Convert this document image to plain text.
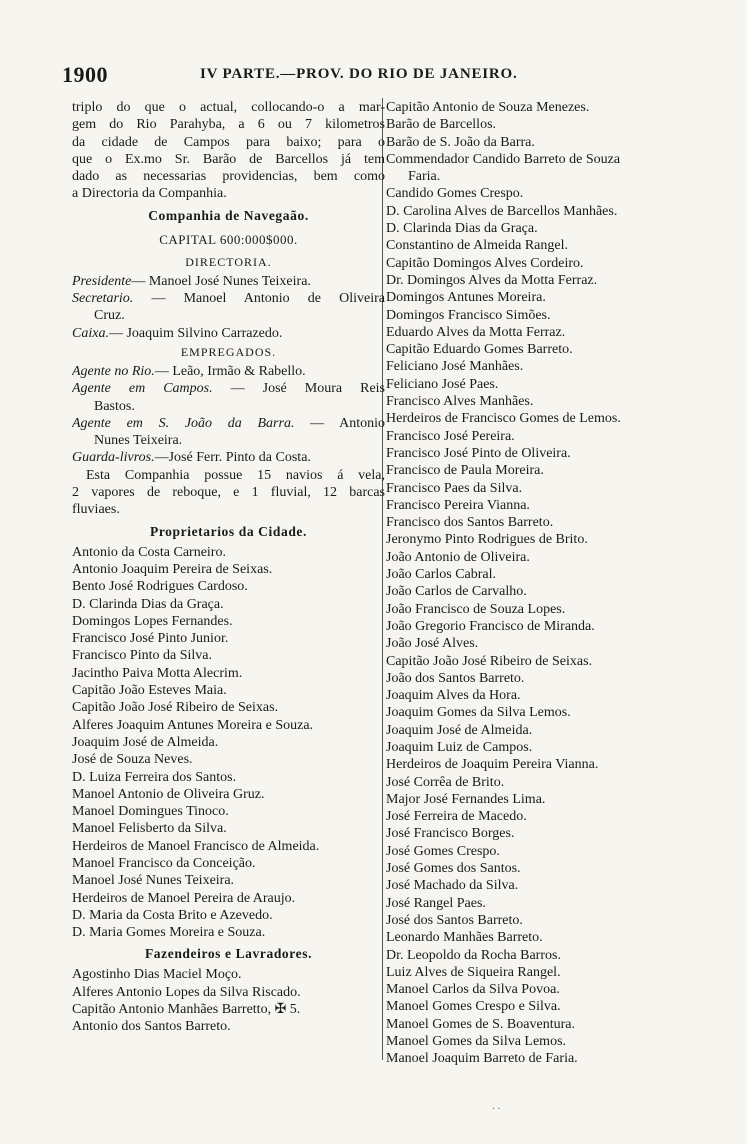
1900	IV PARTE.—PROV. DO RIO DE JANEIRO.
triplo do que o actual, collocando-o a mar-
gem do Rio Parahyba, a 6 ou 7 kilometros
da cidade de Campos para baixo; para o
que o Ex.mo Sr. Barão de Barcellos já tem
dado as necessarias providencias, bem como
a Directoria da Companhia.
Companhia de Navegaão.
CAPITAL 600:000$000.
DIRECTORIA.
Presidente— Manoel José Nunes Teixeira.
Secretario. — Manoel Antonio de Oliveira
Cruz.
Caixa.— Joaquim Silvino Carrazedo.
EMPREGADOS.
Agente no Rio.— Leão, Irmão & Rabello.
Agente em Campos. — José Moura Reis
Bastos.
Agente em S. João da Barra. — Antonio
Nunes Teixeira.
Guarda-livros.—José Ferr. Pinto da Costa.
Esta Companhia possue 15 navios á vela,
2 vapores de reboque, e 1 fluvial, 12 barcas
fluviaes.
Proprietarios da Cidade.
Antonio da Costa Carneiro.
Antonio Joaquim Pereira de Seixas.
Bento José Rodrigues Cardoso.
D. Clarinda Dias da Graça.
Domingos Lopes Fernandes.
Francisco José Pinto Junior.
Francisco Pinto da Silva.
Jacintho Paiva Motta Alecrim.
Capitão João Esteves Maia.
Capitão João José Ribeiro de Seixas.
Alferes Joaquim Antunes Moreira e Souza.
Joaquim José de Almeida.
José de Souza Neves.
D. Luiza Ferreira dos Santos.
Manoel Antonio de Oliveira Gruz.
Manoel Domingues Tinoco.
Manoel Felisberto da Silva.
Herdeiros de Manoel Francisco de Almeida.
Manoel Francisco da Conceição.
Manoel José Nunes Teixeira.
Herdeiros de Manoel Pereira de Araujo.
D. Maria da Costa Brito e Azevedo.
D. Maria Gomes Moreira e Souza.
Fazendeiros e Lavradores.
Agostinho Dias Maciel Moço.
Alferes Antonio Lopes da Silva Riscado.
Capitão Antonio Manhães Barretto, ✠ 5.
Antonio dos Santos Barreto.
Capitão Antonio de Souza Menezes.
Barão de Barcellos.
Barão de S. João da Barra.
Commendador Candido Barreto de Souza
Faria.
Candido Gomes Crespo.
D. Carolina Alves de Barcellos Manhães.
D. Clarinda Dias da Graça.
Constantino de Almeida Rangel.
Capitão Domingos Alves Cordeiro.
Dr. Domingos Alves da Motta Ferraz.
Domingos Antunes Moreira.
Domingos Francisco Simões.
Eduardo Alves da Motta Ferraz.
Capitão Eduardo Gomes Barreto.
Feliciano José Manhães.
Feliciano José Paes.
Francisco Alves Manhães.
Herdeiros de Francisco Gomes de Lemos.
Francisco José Pereira.
Francisco José Pinto de Oliveira.
Francisco de Paula Moreira.
Francisco Paes da Silva.
Francisco Pereira Vianna.
Francisco dos Santos Barreto.
Jeronymo Pinto Rodrigues de Brito.
João Antonio de Oliveira.
João Carlos Cabral.
João Carlos de Carvalho.
João Francisco de Souza Lopes.
João Gregorio Francisco de Miranda.
João José Alves.
Capitão João José Ribeiro de Seixas.
João dos Santos Barreto.
Joaquim Alves da Hora.
Joaquim Gomes da Silva Lemos.
Joaquim José de Almeida.
Joaquim Luiz de Campos.
Herdeiros de Joaquim Pereira Vianna.
José Corrêa de Brito.
Major José Fernandes Lima.
José Ferreira de Macedo.
José Francisco Borges.
José Gomes Crespo.
José Gomes dos Santos.
José Machado da Silva.
José Rangel Paes.
José dos Santos Barreto.
Leonardo Manhães Barreto.
Dr. Leopoldo da Rocha Barros.
Luiz Alves de Siqueira Rangel.
Manoel Carlos da Silva Povoa.
Manoel Gomes Crespo e Silva.
Manoel Gomes de S. Boaventura.
Manoel Gomes da Silva Lemos.
Manoel Joaquim Barreto de Faria.
. .
